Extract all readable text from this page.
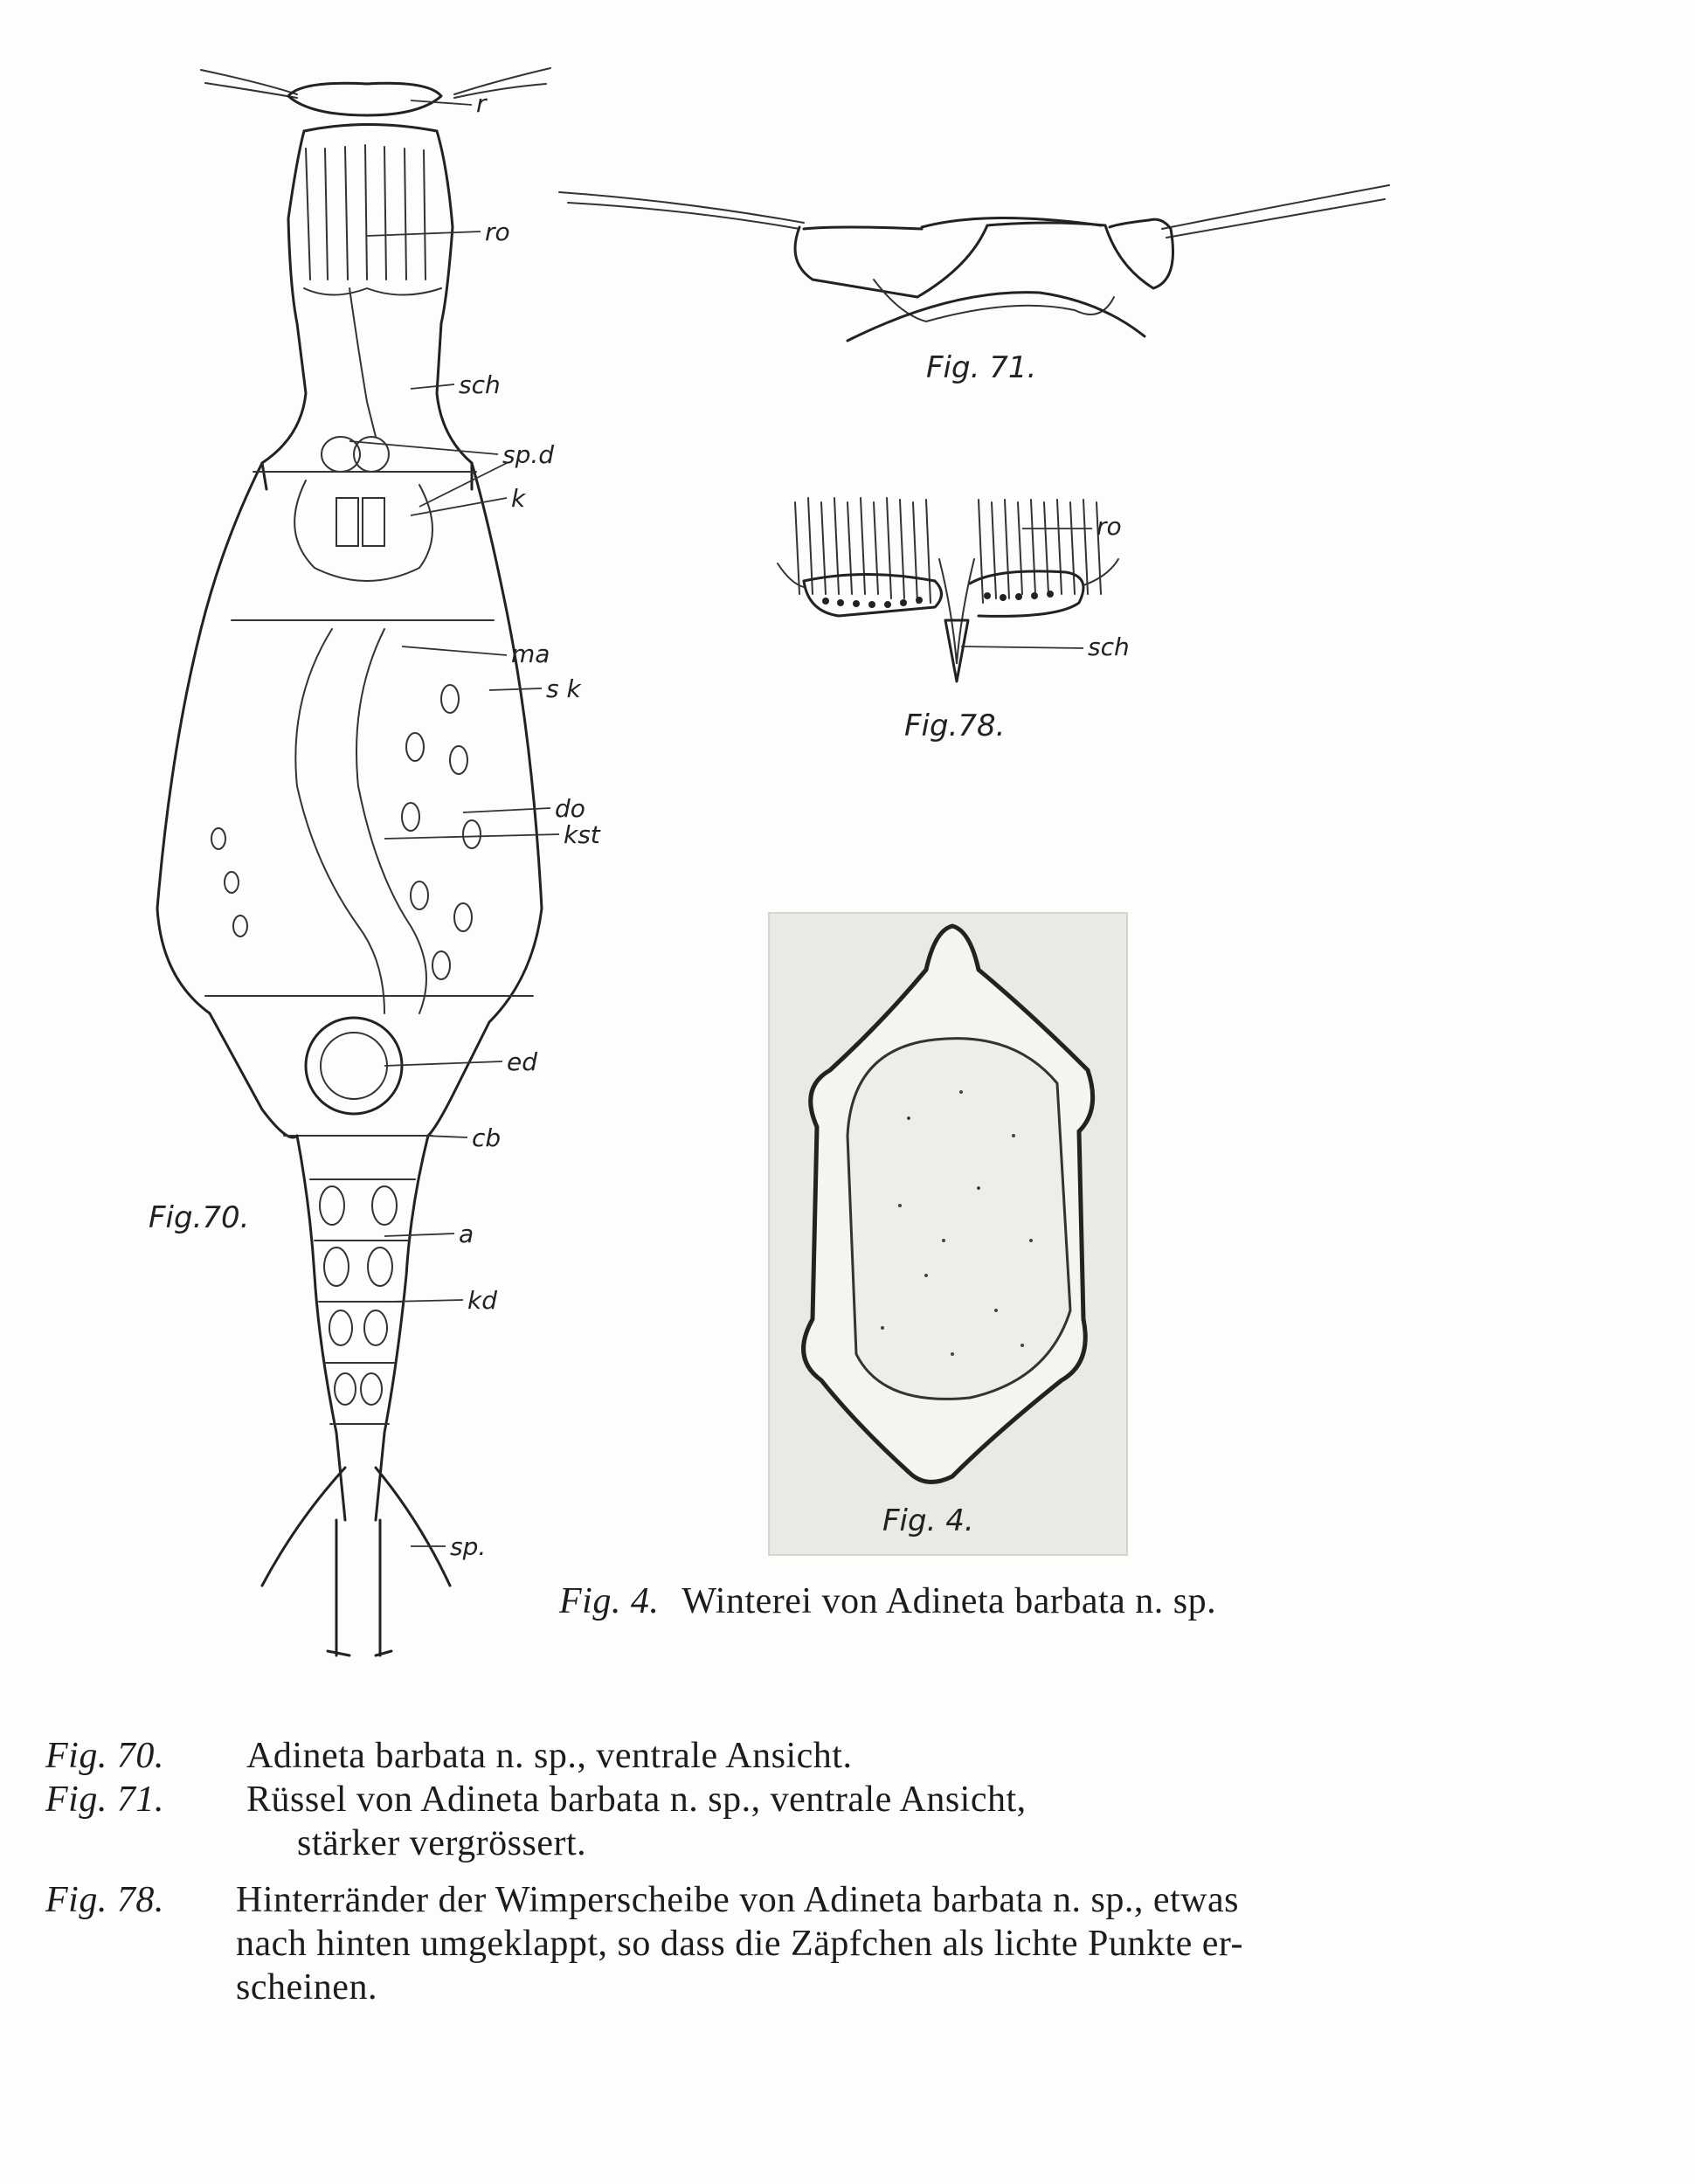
r
ro
sch
sp.d
k
ma
s k
do
kst
ed
cb
a
kd
sp.
Fig.70.
Fig. 71.
ro
sch
Fig.78.
Fig. 4.
Fig. 4. Winterei von Adineta barbata n. sp.
Fig. 70. Adineta barbata n. sp., ventrale Ansicht.
Fig. 71. Rüssel von Adineta barbata n. sp., ventrale Ansicht,
stärker vergrössert.
Fig. 78. Hinterränder der Wimperscheibe von Adineta barbata n. sp., etwas
nach hinten umgeklappt, so dass die Zäpfchen als lichte Punkte er-
scheinen.
